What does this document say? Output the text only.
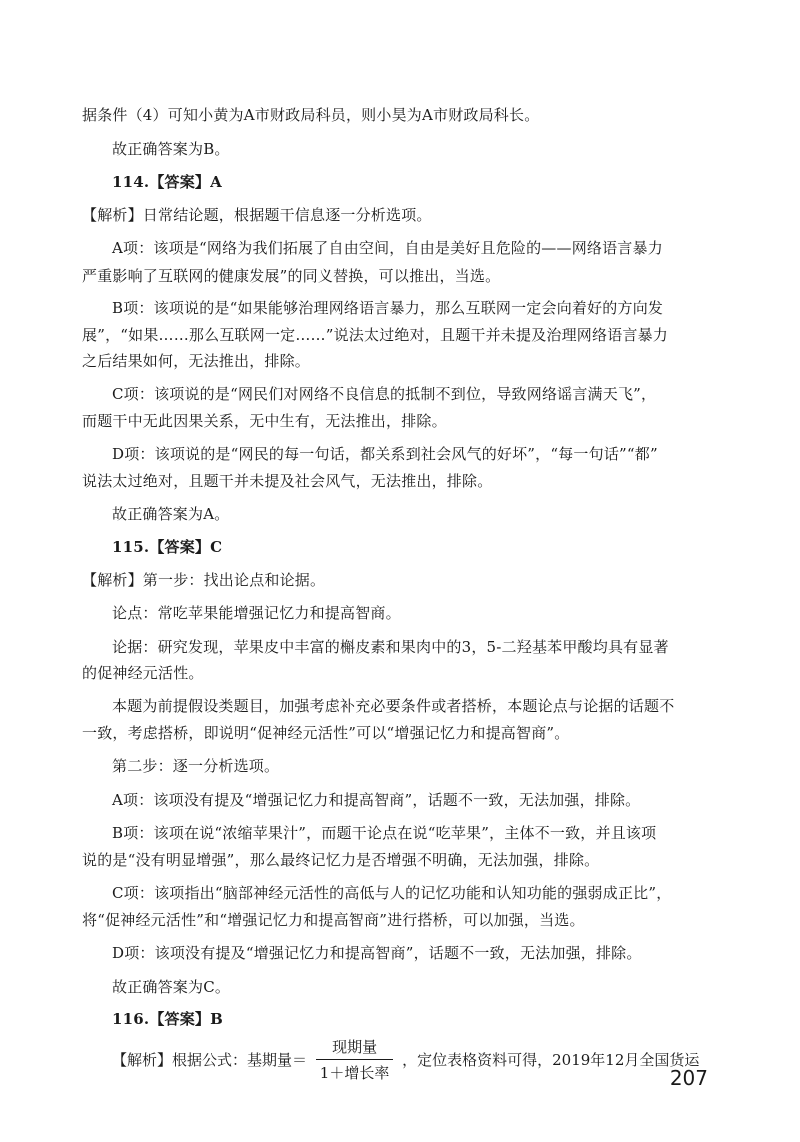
据条件（4）可知小黄为A市财政局科员，则小昊为A市财政局科长。
故正确答案为B。
114.【答案】A
【解析】日常结论题，根据题干信息逐一分析选项。
A项：该项是“网络为我们拓展了自由空间，自由是美好且危险的——网络语言暴力
严重影响了互联网的健康发展”的同义替换，可以推出，当选。
B项：该项说的是“如果能够治理网络语言暴力，那么互联网一定会向着好的方向发
展”，“如果……那么互联网一定……”说法太过绝对，且题干并未提及治理网络语言暴力
之后结果如何，无法推出，排除。
C项：该项说的是“网民们对网络不良信息的抵制不到位，导致网络谣言满天飞”，
而题干中无此因果关系，无中生有，无法推出，排除。
D项：该项说的是“网民的每一句话，都关系到社会风气的好坏”，“每一句话”“都”
说法太过绝对，且题干并未提及社会风气，无法推出，排除。
故正确答案为A。
115.【答案】C
【解析】第一步：找出论点和论据。
论点：常吃苹果能增强记忆力和提高智商。
论据：研究发现，苹果皮中丰富的槲皮素和果肉中的3，5-二羟基苯甲酸均具有显著
的促神经元活性。
本题为前提假设类题目，加强考虑补充必要条件或者搭桥，本题论点与论据的话题不
一致，考虑搭桥，即说明“促神经元活性”可以“增强记忆力和提高智商”。
第二步：逐一分析选项。
A项：该项没有提及“增强记忆力和提高智商”，话题不一致，无法加强，排除。
B项：该项在说“浓缩苹果汁”，而题干论点在说“吃苹果”，主体不一致，并且该项
说的是“没有明显增强”，那么最终记忆力是否增强不明确，无法加强，排除。
C项：该项指出“脑部神经元活性的高低与人的记忆功能和认知功能的强弱成正比”，
将“促神经元活性”和“增强记忆力和提高智商”进行搭桥，可以加强，当选。
D项：该项没有提及“增强记忆力和提高智商”，话题不一致，无法加强，排除。
故正确答案为C。
116.【答案】B
【解析】根据公式：基期量＝ $\frac{\text{现期量}}{\text{1＋增长率}}$ ，定位表格资料可得，2019年12月全国货运
207
